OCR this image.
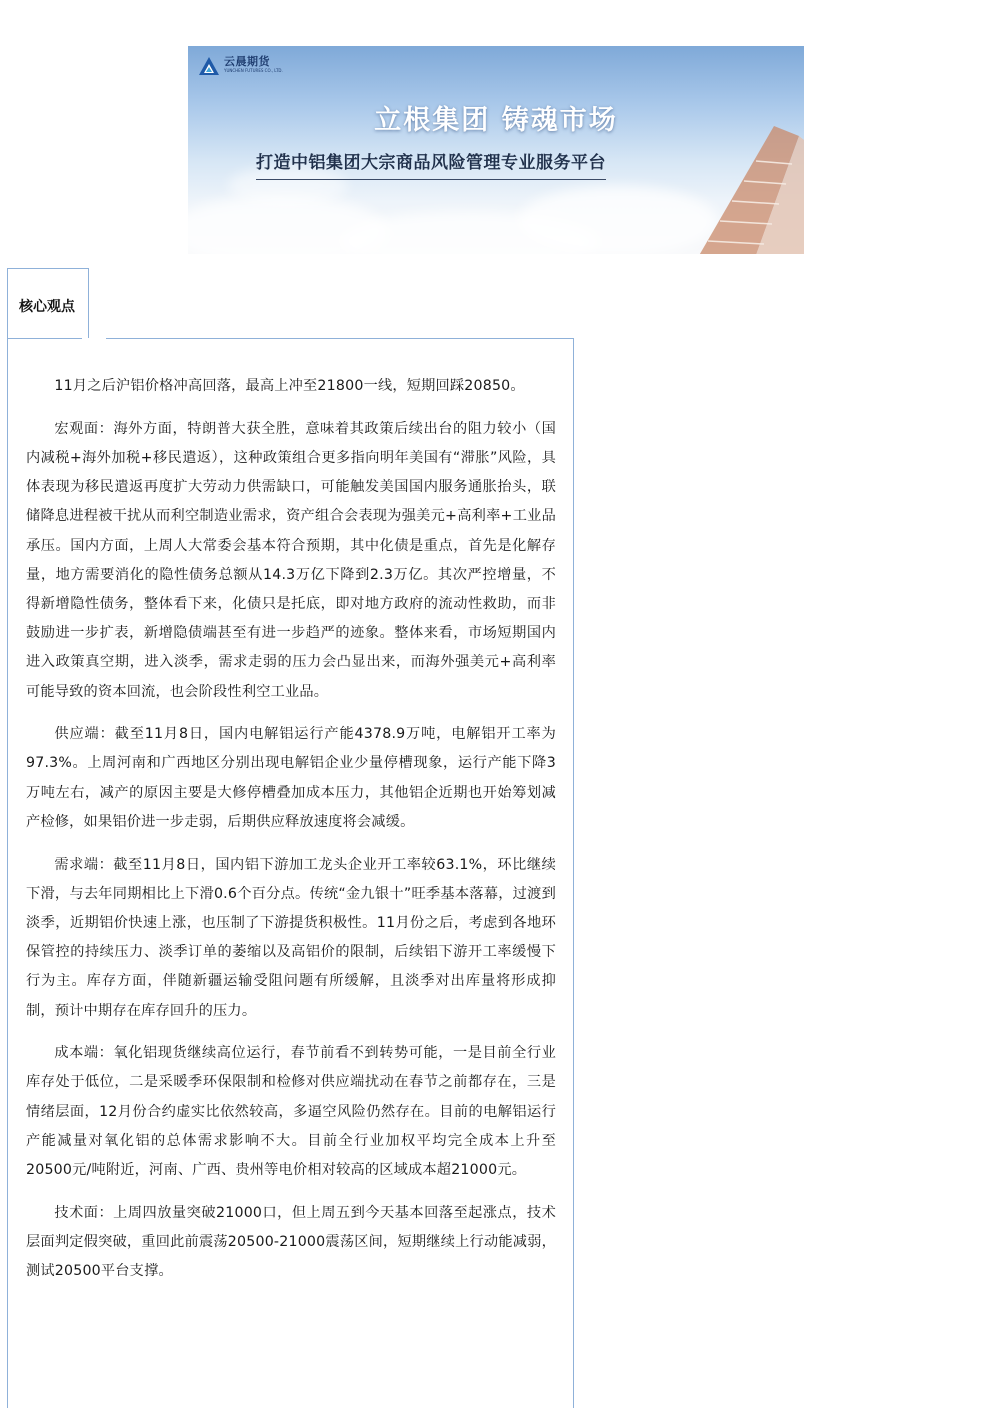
云晨期货
YUNCHEN FUTURES CO., LTD.
立根集团 铸魂市场
打造中铝集团大宗商品风险管理专业服务平台
核心观点

11月之后沪铝价格冲高回落，最高上冲至21800一线，短期回踩20850。

宏观面：海外方面，特朗普大获全胜，意味着其政策后续出台的阻力较小（国内减税+海外加税+移民遣返），这种政策组合更多指向明年美国有“滞胀”风险，具体表现为移民遣返再度扩大劳动力供需缺口，可能触发美国国内服务通胀抬头，联储降息进程被干扰从而利空制造业需求，资产组合会表现为强美元+高利率+工业品承压。国内方面，上周人大常委会基本符合预期，其中化债是重点，首先是化解存量，地方需要消化的隐性债务总额从14.3万亿下降到2.3万亿。其次严控增量，不得新增隐性债务，整体看下来，化债只是托底，即对地方政府的流动性救助，而非鼓励进一步扩表，新增隐债端甚至有进一步趋严的迹象。整体来看，市场短期国内进入政策真空期，进入淡季，需求走弱的压力会凸显出来，而海外强美元+高利率可能导致的资本回流，也会阶段性利空工业品。

供应端：截至11月8日，国内电解铝运行产能4378.9万吨，电解铝开工率为97.3%。上周河南和广西地区分别出现电解铝企业少量停槽现象，运行产能下降3万吨左右，减产的原因主要是大修停槽叠加成本压力，其他铝企近期也开始筹划减产检修，如果铝价进一步走弱，后期供应释放速度将会减缓。

需求端：截至11月8日，国内铝下游加工龙头企业开工率较63.1%，环比继续下滑，与去年同期相比上下滑0.6个百分点。传统“金九银十”旺季基本落幕，过渡到淡季，近期铝价快速上涨，也压制了下游提货积极性。11月份之后，考虑到各地环保管控的持续压力、淡季订单的萎缩以及高铝价的限制，后续铝下游开工率缓慢下行为主。库存方面，伴随新疆运输受阻问题有所缓解，且淡季对出库量将形成抑制，预计中期存在库存回升的压力。

成本端：氧化铝现货继续高位运行，春节前看不到转势可能，一是目前全行业库存处于低位，二是采暖季环保限制和检修对供应端扰动在春节之前都存在，三是情绪层面，12月份合约虚实比依然较高，多逼空风险仍然存在。目前的电解铝运行产能减量对氧化铝的总体需求影响不大。目前全行业加权平均完全成本上升至20500元/吨附近，河南、广西、贵州等电价相对较高的区域成本超21000元。

技术面：上周四放量突破21000口，但上周五到今天基本回落至起涨点，技术层面判定假突破，重回此前震荡20500-21000震荡区间，短期继续上行动能减弱，测试20500平台支撑。
